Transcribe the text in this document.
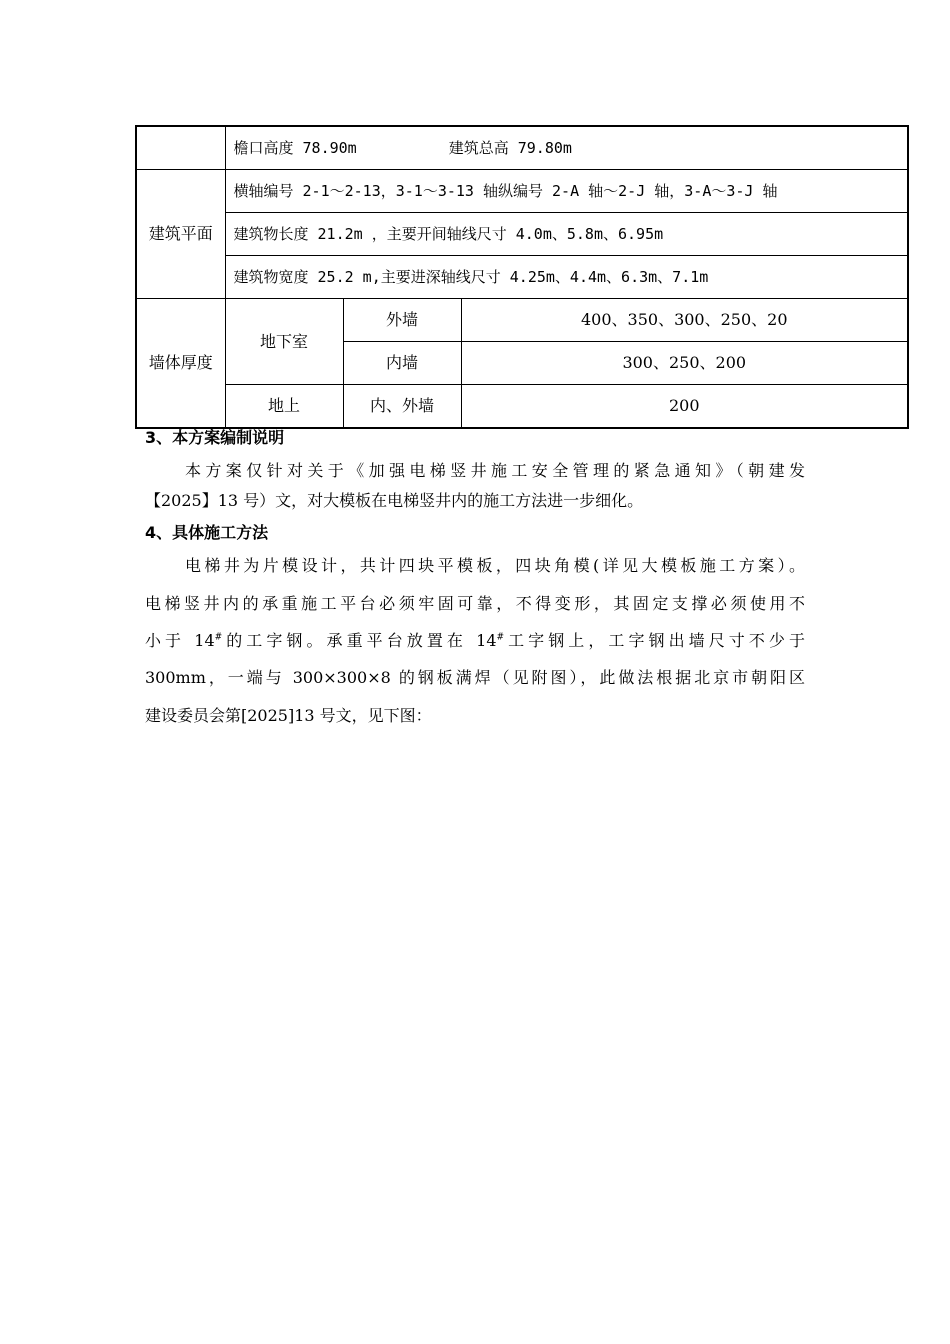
	檐口高度 78.90m 建筑总高 79.80m		
建筑平面	横轴编号 2-1～2-13，3-1～3-13 轴纵编号 2-A 轴～2-J 轴，3-A～3-J 轴		
	建筑物长度 21.2m ，主要开间轴线尺寸 4.0m、5.8m、6.95m		
	建筑物宽度 25.2 m,主要进深轴线尺寸 4.25m、4.4m、6.3m、7.1m		
墙体厚度	地下室	外墙	400、350、300、250、20
		内墙	300、250、200
	地上	内、外墙	200
3、本方案编制说明
本方案仅针对关于《加强电梯竖井施工安全管理的紧急通知》（朝建发
【2025】13 号）文，对大模板在电梯竖井内的施工方法进一步细化。
4、具体施工方法
电梯井为片模设计，共计四块平模板，四块角模(详见大模板施工方案）。
电梯竖井内的承重施工平台必须牢固可靠，不得变形，其固定支撑必须使用不
小于 14#的工字钢。承重平台放置在 14#工字钢上，工字钢出墙尺寸不少于
300mm，一端与 300×300×8 的钢板满焊（见附图），此做法根据北京市朝阳区
建设委员会第[2025]13 号文，见下图：
